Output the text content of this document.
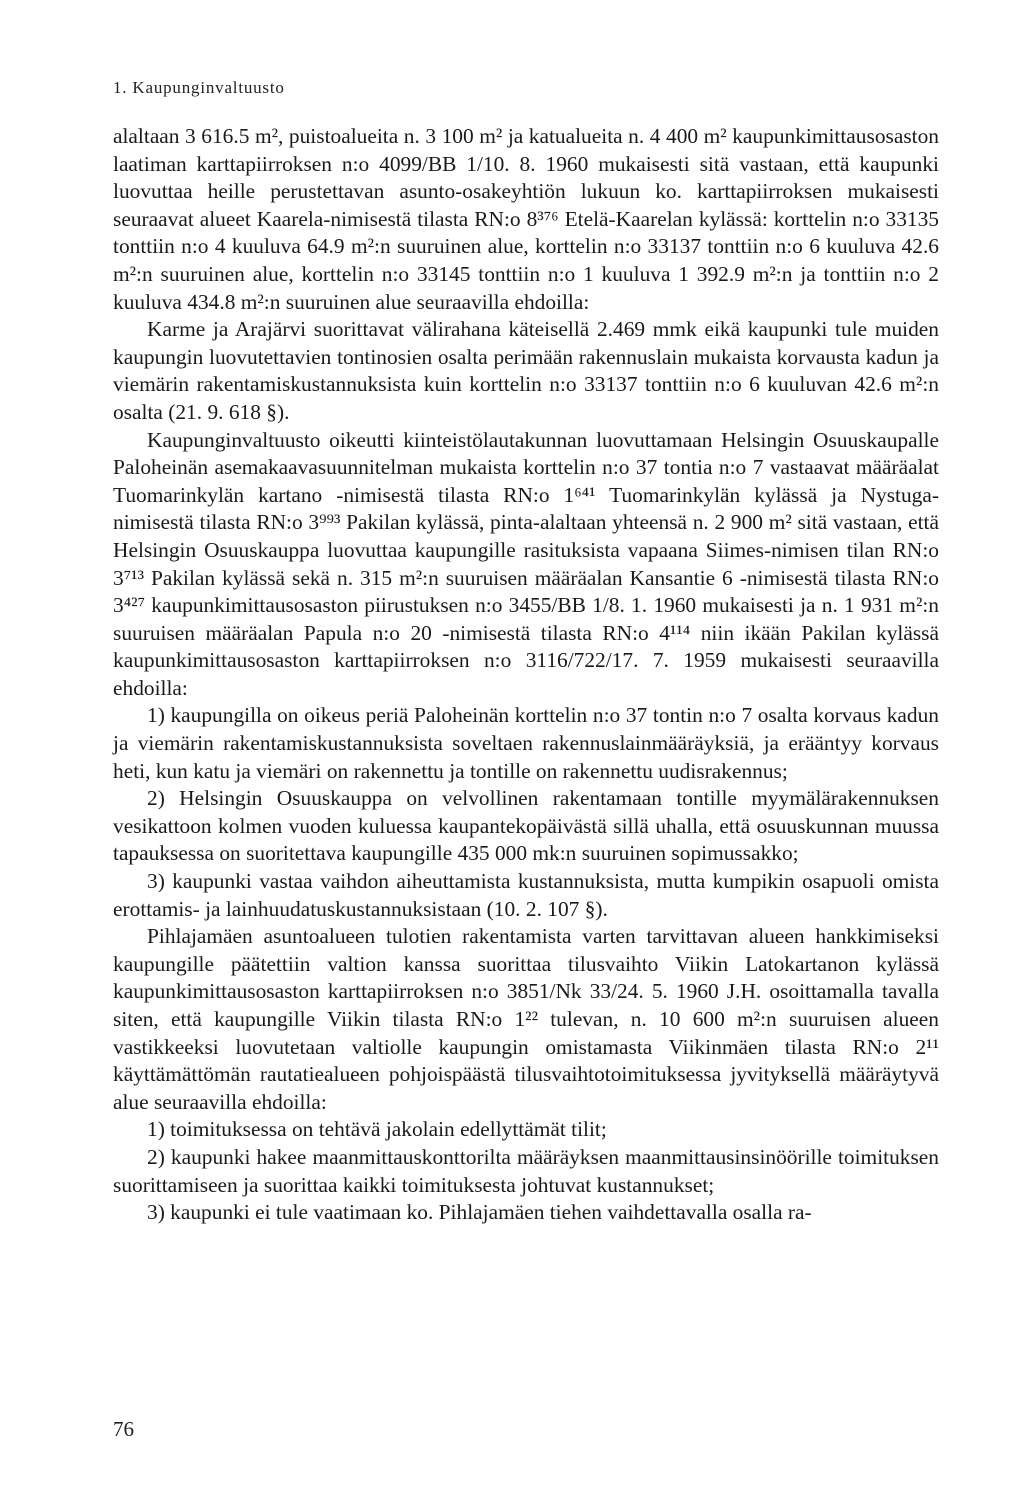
1. Kaupunginvaltuusto

alaltaan 3 616.5 m², puistoalueita n. 3 100 m² ja katualueita n. 4 400 m² kaupunkimittausosaston laatiman karttapiirroksen n:o 4099/BB 1/10. 8. 1960 mukaisesti sitä vastaan, että kaupunki luovuttaa heille perustettavan asunto-osakeyhtiön lukuun ko. karttapiirroksen mukaisesti seuraavat alueet Kaarela-nimisestä tilasta RN:o 8³⁷⁶ Etelä-Kaarelan kylässä: korttelin n:o 33135 tonttiin n:o 4 kuuluva 64.9 m²:n suuruinen alue, korttelin n:o 33137 tonttiin n:o 6 kuuluva 42.6 m²:n suuruinen alue, korttelin n:o 33145 tonttiin n:o 1 kuuluva 1 392.9 m²:n ja tonttiin n:o 2 kuuluva 434.8 m²:n suuruinen alue seuraavilla ehdoilla:

Karme ja Arajärvi suorittavat välirahana käteisellä 2.469 mmk eikä kaupunki tule muiden kaupungin luovutettavien tontinosien osalta perimään rakennuslain mukaista korvausta kadun ja viemärin rakentamiskustannuksista kuin korttelin n:o 33137 tonttiin n:o 6 kuuluvan 42.6 m²:n osalta (21. 9. 618 §).

Kaupunginvaltuusto oikeutti kiinteistölautakunnan luovuttamaan Helsingin Osuuskaupalle Paloheinän asemakaavasuunnitelman mukaista korttelin n:o 37 tontia n:o 7 vastaavat määräalat Tuomarinkylän kartano -nimisestä tilasta RN:o 1⁶⁴¹ Tuomarinkylän kylässä ja Nystuga-nimisestä tilasta RN:o 3⁹⁹³ Pakilan kylässä, pinta-alaltaan yhteensä n. 2 900 m² sitä vastaan, että Helsingin Osuuskauppa luovuttaa kaupungille rasituksista vapaana Siimes-nimisen tilan RN:o 3⁷¹³ Pakilan kylässä sekä n. 315 m²:n suuruisen määräalan Kansantie 6 -nimisestä tilasta RN:o 3⁴²⁷ kaupunkimittausosaston piirustuksen n:o 3455/BB 1/8. 1. 1960 mukaisesti ja n. 1 931 m²:n suuruisen määräalan Papula n:o 20 -nimisestä tilasta RN:o 4¹¹⁴ niin ikään Pakilan kylässä kaupunkimittausosaston karttapiirroksen n:o 3116/722/17. 7. 1959 mukaisesti seuraavilla ehdoilla:

1) kaupungilla on oikeus periä Paloheinän korttelin n:o 37 tontin n:o 7 osalta korvaus kadun ja viemärin rakentamiskustannuksista soveltaen rakennuslainmääräyksiä, ja erääntyy korvaus heti, kun katu ja viemäri on rakennettu ja tontille on rakennettu uudisrakennus;

2) Helsingin Osuuskauppa on velvollinen rakentamaan tontille myymälärakennuksen vesikattoon kolmen vuoden kuluessa kaupantekopäivästä sillä uhalla, että osuuskunnan muussa tapauksessa on suoritettava kaupungille 435 000 mk:n suuruinen sopimussakko;

3) kaupunki vastaa vaihdon aiheuttamista kustannuksista, mutta kumpikin osapuoli omista erottamis- ja lainhuudatuskustannuksistaan (10. 2. 107 §).

Pihlajamäen asuntoalueen tulotien rakentamista varten tarvittavan alueen hankkimiseksi kaupungille päätettiin valtion kanssa suorittaa tilusvaihto Viikin Latokartanon kylässä kaupunkimittausosaston karttapiirroksen n:o 3851/Nk 33/24. 5. 1960 J.H. osoittamalla tavalla siten, että kaupungille Viikin tilasta RN:o 1²² tulevan, n. 10 600 m²:n suuruisen alueen vastikkeeksi luovutetaan valtiolle kaupungin omistamasta Viikinmäen tilasta RN:o 2¹¹ käyttämättömän rautatiealueen pohjoispäästä tilusvaihtotoimituksessa jyvityksellä määräytyvä alue seuraavilla ehdoilla:

1) toimituksessa on tehtävä jakolain edellyttämät tilit;

2) kaupunki hakee maanmittauskonttorilta määräyksen maanmittausinsinöörille toimituksen suorittamiseen ja suorittaa kaikki toimituksesta johtuvat kustannukset;

3) kaupunki ei tule vaatimaan ko. Pihlajamäen tiehen vaihdettavalla osalla ra-

76
